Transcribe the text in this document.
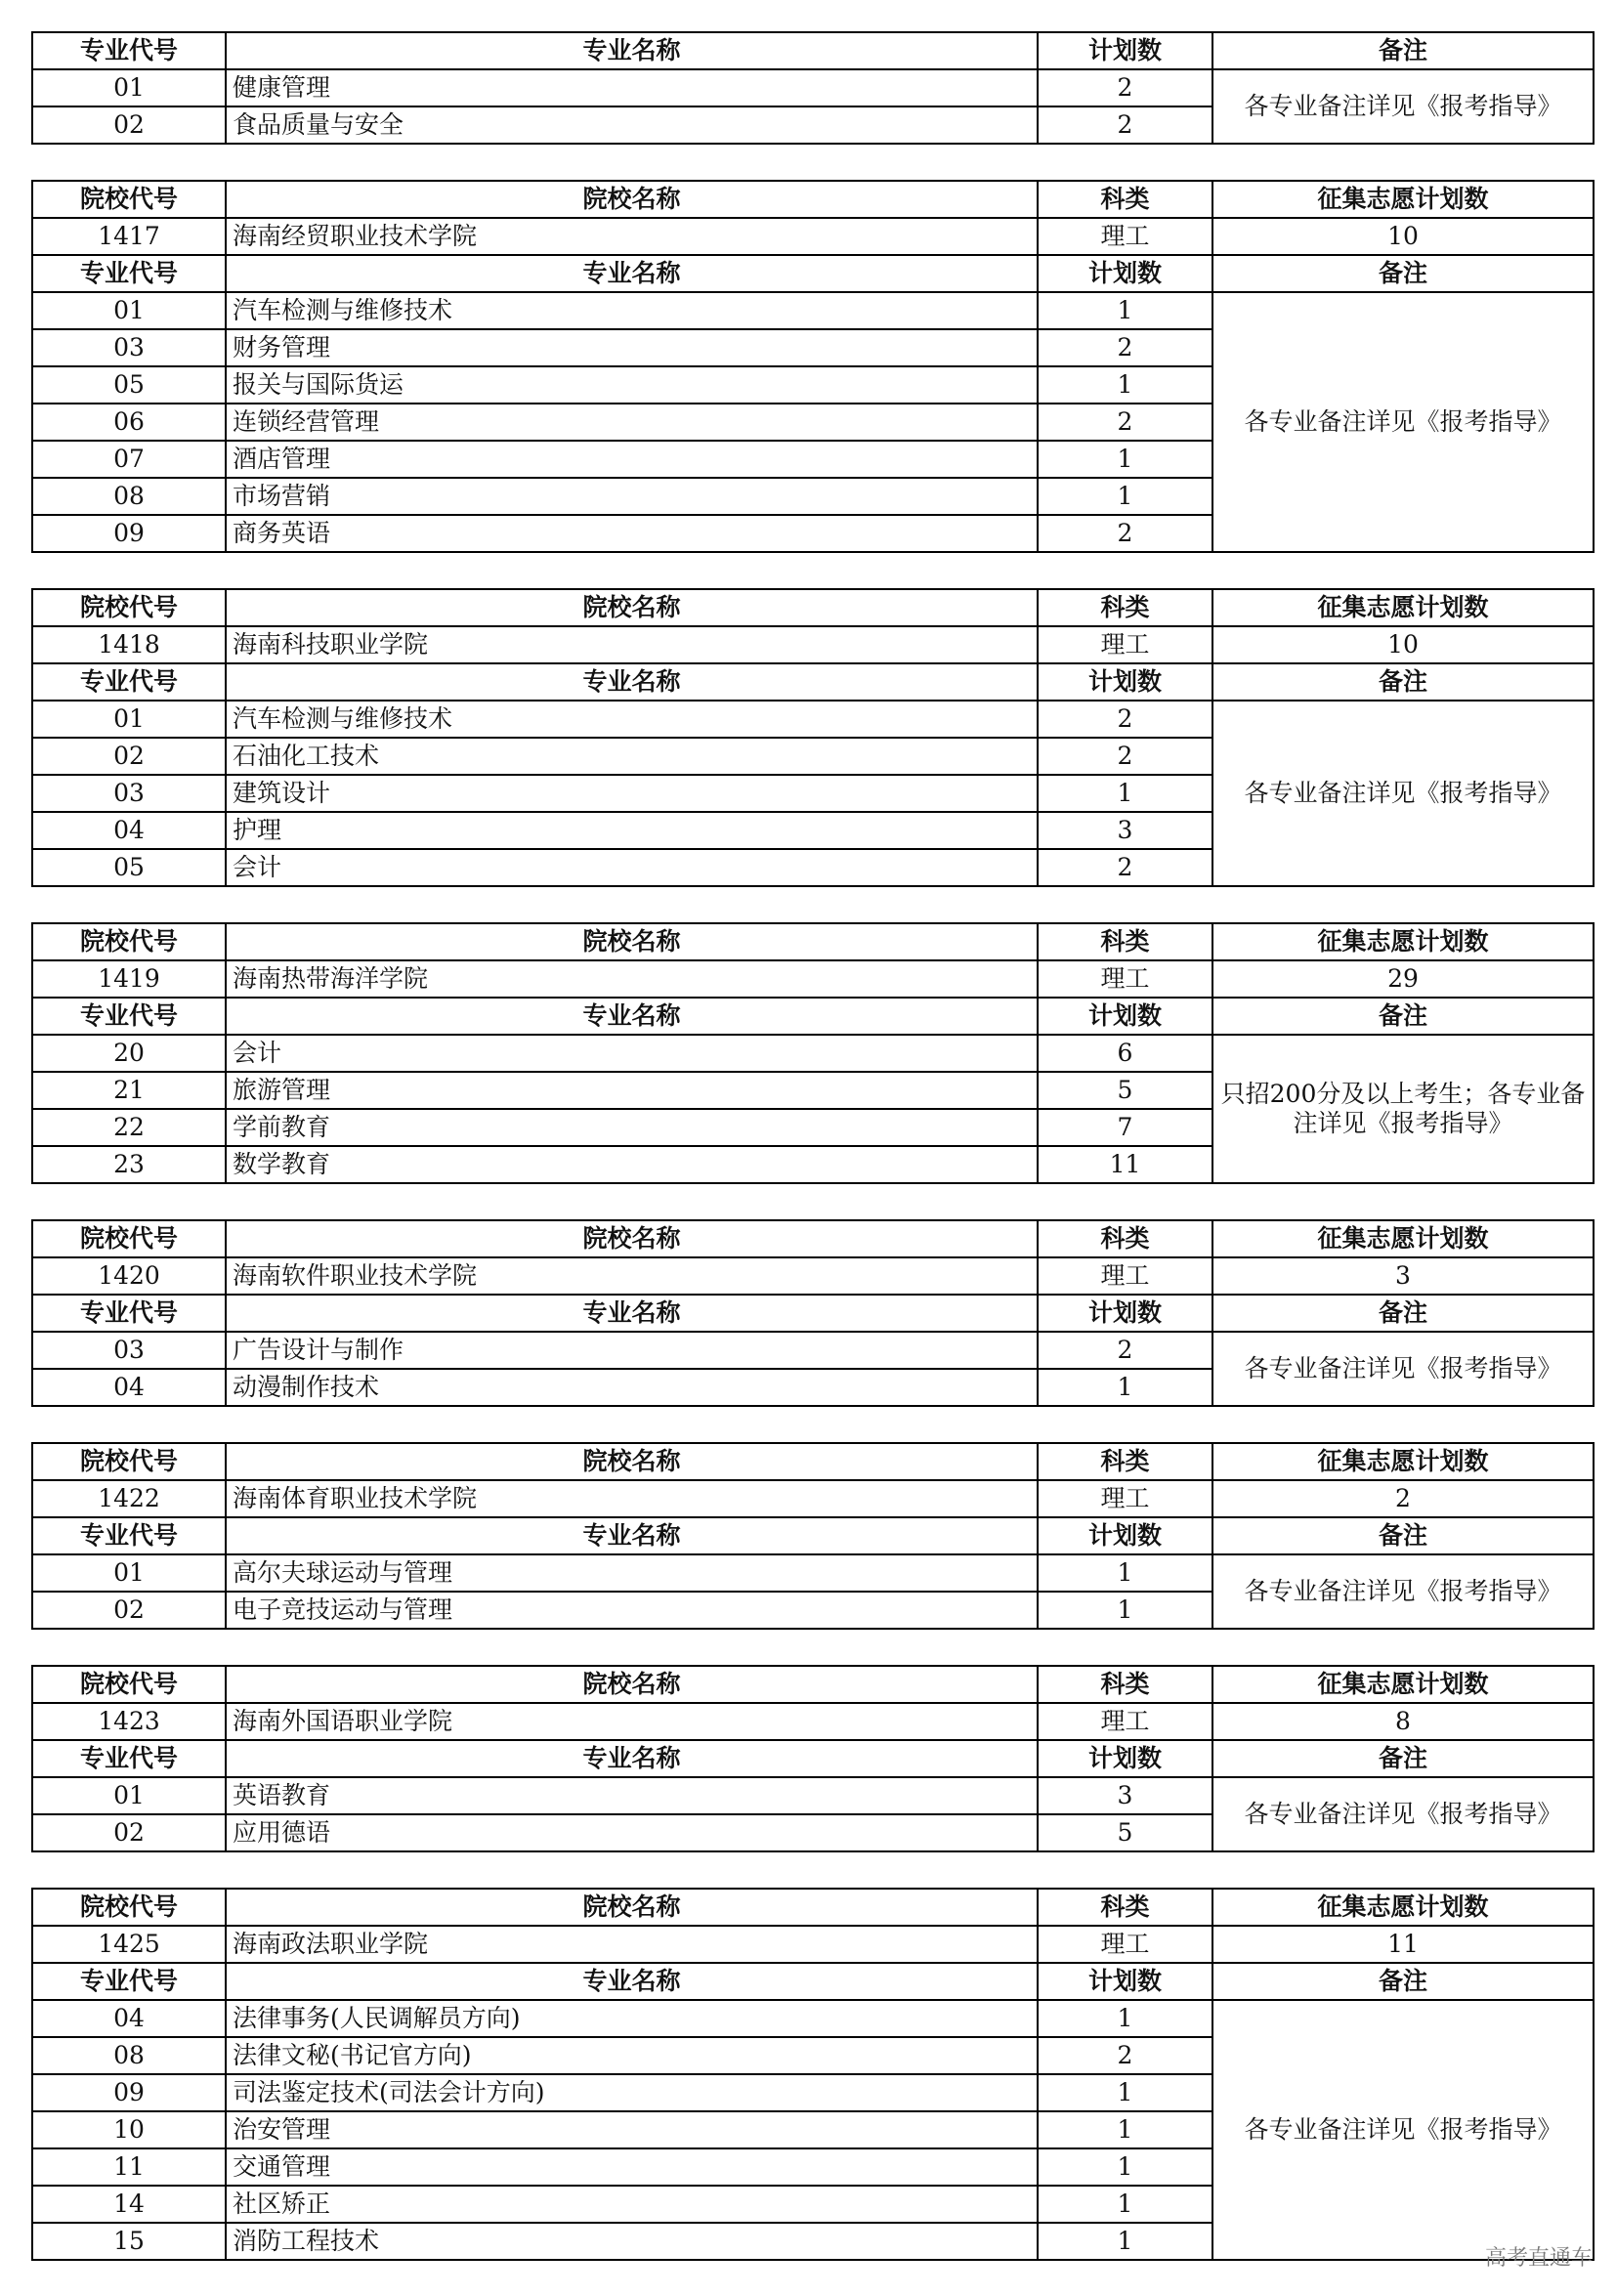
专业代号	专业名称	计划数	备注
01	健康管理	2	各专业备注详见《报考指导》
02	食品质量与安全	2	
院校代号	院校名称	科类	征集志愿计划数
1417	海南经贸职业技术学院	理工	10
专业代号	专业名称	计划数	备注
01	汽车检测与维修技术	1	各专业备注详见《报考指导》
03	财务管理	2	
05	报关与国际货运	1	
06	连锁经营管理	2	
07	酒店管理	1	
08	市场营销	1	
09	商务英语	2	
院校代号	院校名称	科类	征集志愿计划数
1418	海南科技职业学院	理工	10
专业代号	专业名称	计划数	备注
01	汽车检测与维修技术	2	各专业备注详见《报考指导》
02	石油化工技术	2	
03	建筑设计	1	
04	护理	3	
05	会计	2	
院校代号	院校名称	科类	征集志愿计划数
1419	海南热带海洋学院	理工	29
专业代号	专业名称	计划数	备注
20	会计	6	只招200分及以上考生；各专业备注详见《报考指导》
21	旅游管理	5	
22	学前教育	7	
23	数学教育	11	
院校代号	院校名称	科类	征集志愿计划数
1420	海南软件职业技术学院	理工	3
专业代号	专业名称	计划数	备注
03	广告设计与制作	2	各专业备注详见《报考指导》
04	动漫制作技术	1	
院校代号	院校名称	科类	征集志愿计划数
1422	海南体育职业技术学院	理工	2
专业代号	专业名称	计划数	备注
01	高尔夫球运动与管理	1	各专业备注详见《报考指导》
02	电子竞技运动与管理	1	
院校代号	院校名称	科类	征集志愿计划数
1423	海南外国语职业学院	理工	8
专业代号	专业名称	计划数	备注
01	英语教育	3	各专业备注详见《报考指导》
02	应用德语	5	
院校代号	院校名称	科类	征集志愿计划数
1425	海南政法职业学院	理工	11
专业代号	专业名称	计划数	备注
04	法律事务(人民调解员方向)	1	各专业备注详见《报考指导》
08	法律文秘(书记官方向)	2	
09	司法鉴定技术(司法会计方向)	1	
10	治安管理	1	
11	交通管理	1	
14	社区矫正	1	
15	消防工程技术	1	
高考直通车
